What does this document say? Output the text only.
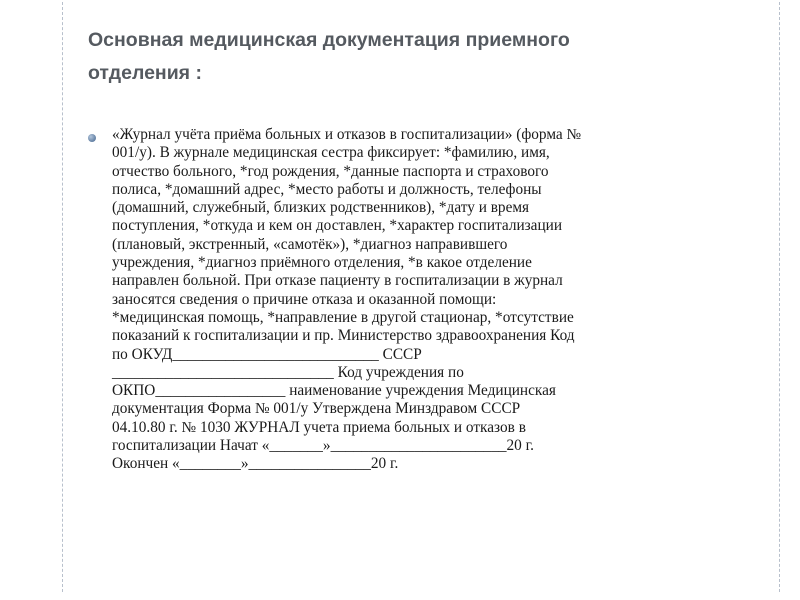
Основная медицинская документация приемного
отделения :

«Журнал учёта приёма больных и отказов в госпитализации» (форма №
001/у). В журнале медицинская сестра фиксирует: *фамилию, имя,
отчество больного, *год рождения, *данные паспорта и страхового
полиса, *домашний адрес, *место работы и должность, телефоны
(домашний, служебный, близких родственников), *дату и время
поступления, *откуда и кем он доставлен, *характер госпитализации
(плановый, экстренный, «самотёк»), *диагноз направившего
учреждения, *диагноз приёмного отделения, *в какое отделение
направлен больной. При отказе пациенту в госпитализации в журнал
заносятся сведения о причине отказа и оказанной помощи:
*медицинская помощь, *направление в другой стационар, *отсутствие
показаний к госпитализации и пр. Министерство здравоохранения Код
по ОКУД___________________________ СССР
_____________________________ Код учреждения по
ОКПО_________________ наименование учреждения Медицинская
документация Форма № 001/у Утверждена Минздравом СССР
04.10.80 г. № 1030 ЖУРНАЛ учета приема больных и отказов в
госпитализации Начат «_______»_______________________20 г.
Окончен «________»________________20 г.
